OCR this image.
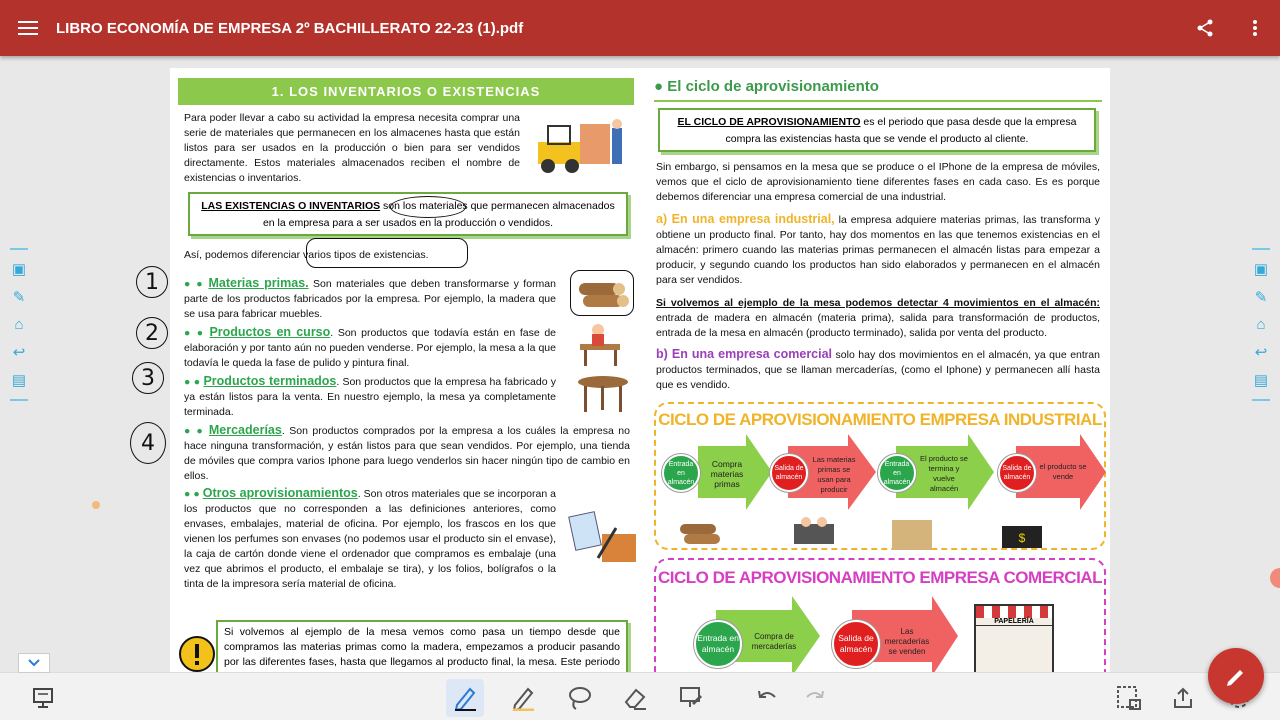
LIBRO ECONOMÍA DE EMPRESA 2º BACHILLERATO 22-23 (1).pdf
▣
✎
⌂
↩
▤
▣
✎
⌂
↩
▤
1. LOS INVENTARIOS O EXISTENCIAS
Para poder llevar a cabo su actividad la empresa necesita comprar una serie de materiales que permanecen en los almacenes hasta que están listos para ser usados en la producción o bien para ser vendidos directamente. Estos materiales almacenados reciben el nombre de existencias o inventarios.
LAS EXISTENCIAS O INVENTARIOS son los materiales que permanecen almacenados en la empresa para a ser usados en la producción o vendidos.
Así, podemos diferenciar varios tipos de existencias.
● ● Materias primas. Son materiales que deben transformarse y forman parte de los productos fabricados por la empresa. Por ejemplo, la madera que se usa para fabricar muebles.
● ● Productos en curso. Son productos que todavía están en fase de elaboración y por tanto aún no pueden venderse. Por ejemplo, la mesa a la que todavía le queda la fase de pulido y pintura final.
● ● Productos terminados. Son productos que la empresa ha fabricado y ya están listos para la venta. En nuestro ejemplo, la mesa ya completamente terminada.
● ● Mercaderías. Son productos comprados por la empresa a los cuáles la empresa no hace ninguna transformación, y están listos para que sean vendidos. Por ejemplo, una tienda de móviles que compra varios Iphone para luego venderlos sin hacer ningún tipo de cambio en ellos.
● ● Otros aprovisionamientos. Son otros materiales que se incorporan a los productos que no corresponden a las definiciones anteriores, como envases, embalajes, material de oficina. Por ejemplo, los frascos en los que vienen los perfumes son envases (no podemos usar el producto sin el envase), la caja de cartón donde viene el ordenador que compramos es embalaje (una vez que abrimos el producto, el embalaje se tira), y los folios, bolígrafos o la tinta de la impresora sería material de oficina.
Si volvemos al ejemplo de la mesa vemos como pasa un tiempo desde que compramos las materias primas como la madera, empezamos a producir pasando por las diferentes fases, hasta que llegamos al producto final, la mesa. Este periodo
● El ciclo de aprovisionamiento
EL CICLO DE APROVISIONAMIENTO es el periodo que pasa desde que la empresa compra las existencias hasta que se vende el producto al cliente.
Sin embargo, si pensamos en la mesa que se produce o el IPhone de la empresa de móviles, vemos que el ciclo de aprovisionamiento tiene diferentes fases en cada caso. Es es porque debemos diferenciar una empresa comercial de una industrial.
a) En una empresa industrial, la empresa adquiere materias primas, las transforma y obtiene un producto final. Por tanto, hay dos momentos en las que tenemos existencias en el almacén: primero cuando las materias primas permanecen el almacén listas para empezar a producir, y segundo cuando los productos han sido elaborados y permanecen en el almacén para ser vendidos.
Si volvemos al ejemplo de la mesa podemos detectar 4 movimientos en el almacén: entrada de madera en almacén (materia prima), salida para transformación de productos, entrada de la mesa en almacén (producto terminado), salida por venta del producto.
b) En una empresa comercial solo hay dos movimientos en el almacén, ya que entran productos terminados, que se llaman mercaderías, (como el Iphone) y permanecen allí hasta que es vendido.
CICLO DE APROVISIONAMIENTO EMPRESA INDUSTRIAL
Entrada en almacén
Compra materias primas
Salida de almacén
Las materias primas se usan para producir
Entrada en almacén
El producto se termina y vuelve almacén
Salida de almacén
el producto se vende
$
CICLO DE APROVISIONAMIENTO EMPRESA COMERCIAL
Entrada en almacén
Compra de mercaderías
Salida de almacén
Las mercaderías se venden
PAPELERÍA
1
2
3
4
